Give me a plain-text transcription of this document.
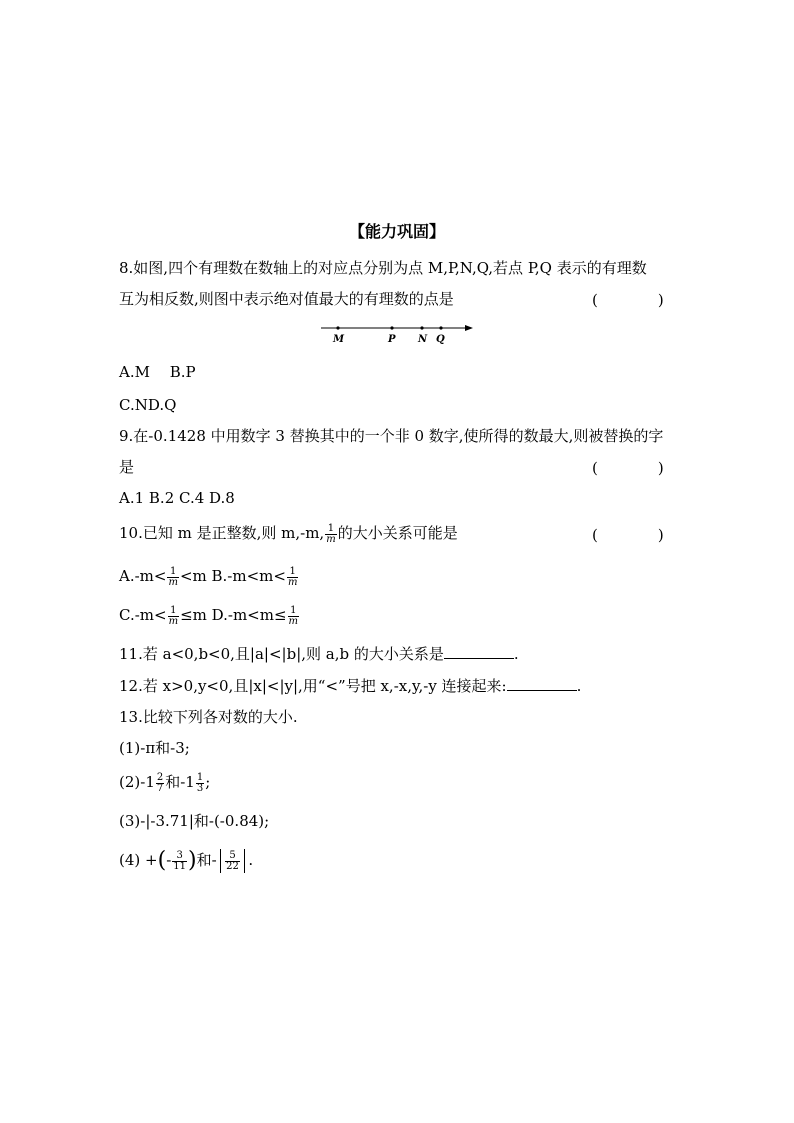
【能力巩固】
8.如图,四个有理数在数轴上的对应点分别为点 M,P,N,Q,若点 P,Q 表示的有理数
互为相反数,则图中表示绝对值最大的有理数的点是	(　　　　)
M	P N Q
A.M　 B.P
C.ND.Q
9.在-0.1428 中用数字 3 替换其中的一个非 0 数字,使所得的数最大,则被替换的字
是	(　　　　)
A.1 B.2 C.4 D.8
10.已知 m 是正整数,则 m,-m, $\frac{1}{m}$ 的大小关系可能是	(　　　　)
$A.-m< \frac{1}{m} <m$ $B.-m<m< \frac{1}{m}$
$C.-m< \frac{1}{m} \le m$ $D.-m<m\le \frac{1}{m}$
11.若 a<0,b<0,且|a|<|b|,则 a,b 的大小关系是	.
12.若 x>0,y<0,且|x|<|y|,用“<”号把 x,-x,y,-y 连接起来:	.
13.比较下列各对数的大小.
(1)-π和-3;
$(2)-1 \frac{2}{7}$ 和$-1 \frac{1}{3}$ ;
(3)-|-3.71|和-(-0.84);
(4) +(- $\frac{3}{11}$ )和- $\frac{5}{22}$ .
